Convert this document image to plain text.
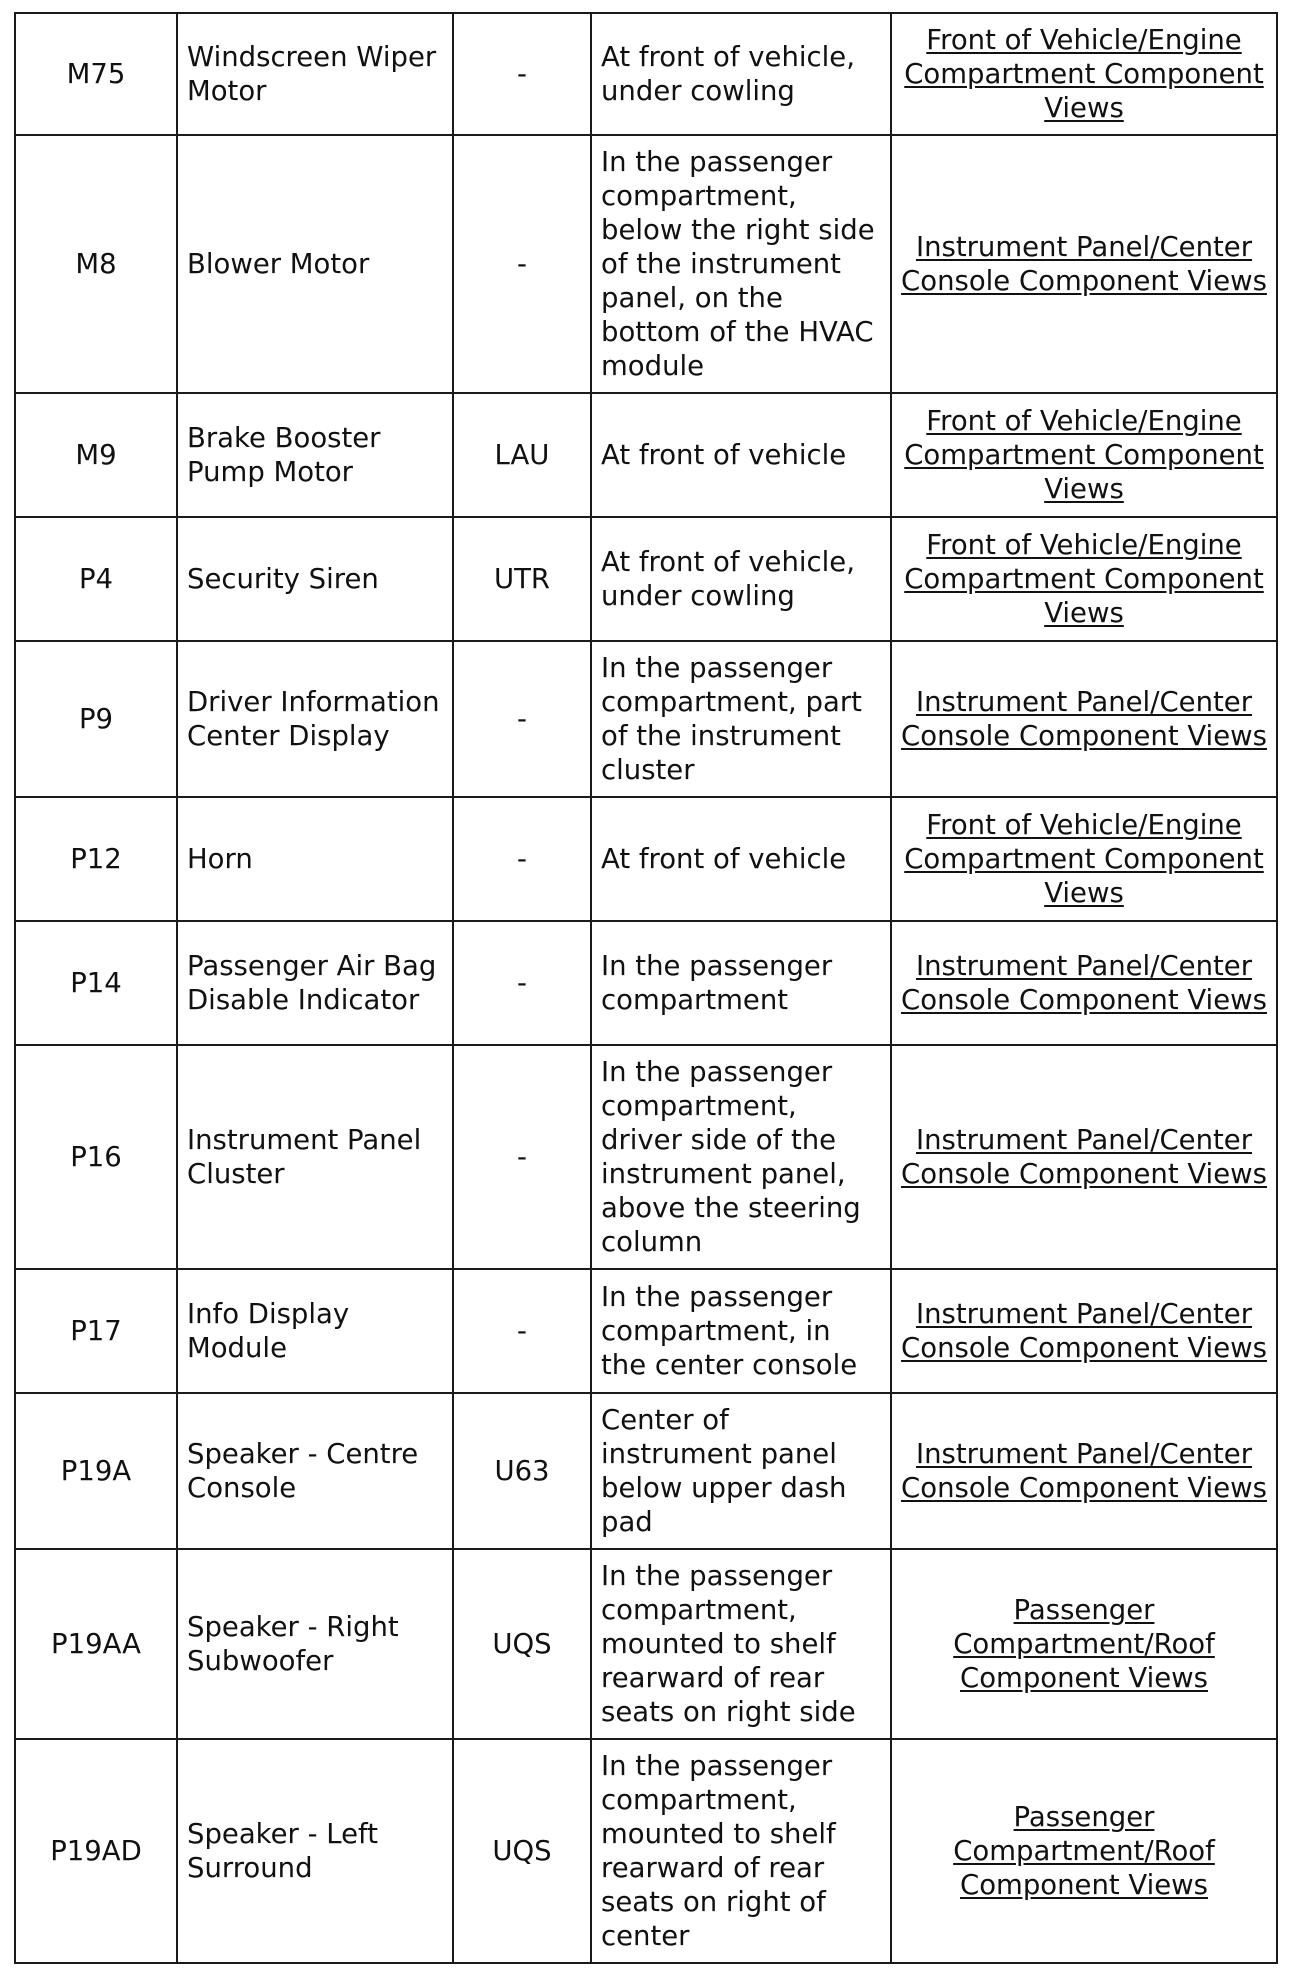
M75	Windscreen Wiper Motor	-	At front of vehicle, under cowling	Front of Vehicle/Engine Compartment Component Views
M8	Blower Motor	-	In the passenger compartment, below the right side of the instrument panel, on the bottom of the HVAC module	Instrument Panel/Center Console Component Views
M9	Brake Booster Pump Motor	LAU	At front of vehicle	Front of Vehicle/Engine Compartment Component Views
P4	Security Siren	UTR	At front of vehicle, under cowling	Front of Vehicle/Engine Compartment Component Views
P9	Driver Information Center Display	-	In the passenger compartment, part of the instrument cluster	Instrument Panel/Center Console Component Views
P12	Horn	-	At front of vehicle	Front of Vehicle/Engine Compartment Component Views
P14	Passenger Air Bag Disable Indicator	-	In the passenger compartment	Instrument Panel/Center Console Component Views
P16	Instrument Panel Cluster	-	In the passenger compartment, driver side of the instrument panel, above the steering column	Instrument Panel/Center Console Component Views
P17	Info Display Module	-	In the passenger compartment, in the center console	Instrument Panel/Center Console Component Views
P19A	Speaker - Centre Console	U63	Center of instrument panel below upper dash pad	Instrument Panel/Center Console Component Views
P19AA	Speaker - Right Subwoofer	UQS	In the passenger compartment, mounted to shelf rearward of rear seats on right side	Passenger Compartment/Roof Component Views
P19AD	Speaker - Left Surround	UQS	In the passenger compartment, mounted to shelf rearward of rear seats on right of center	Passenger Compartment/Roof Component Views
